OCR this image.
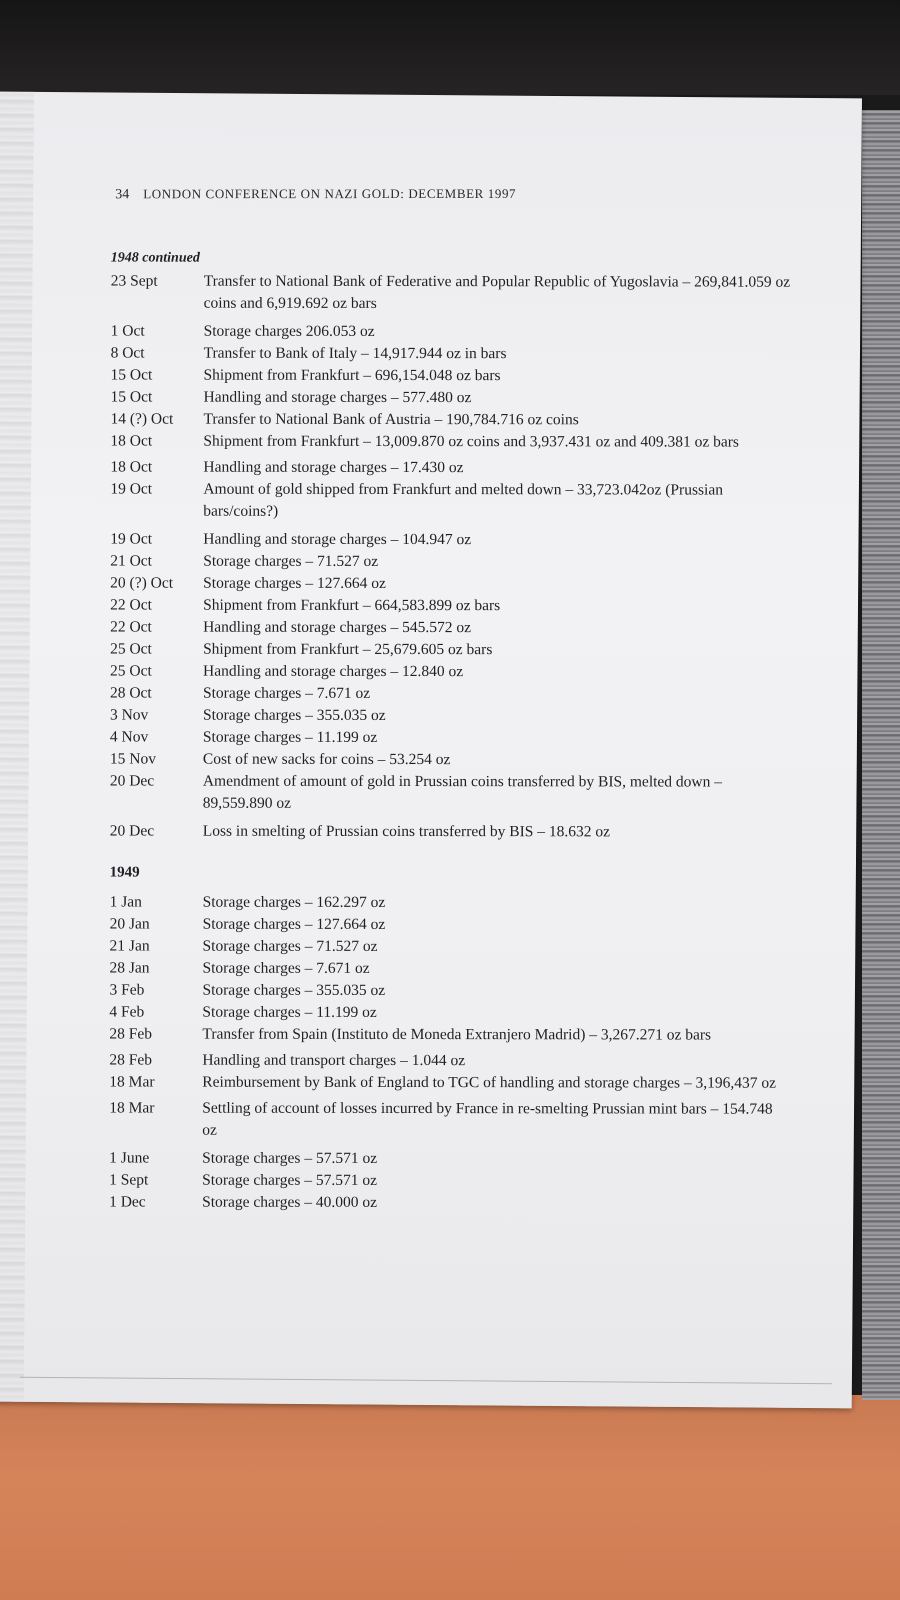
34 LONDON CONFERENCE ON NAZI GOLD: DECEMBER 1997
1948 continued
23 Sept	Transfer to National Bank of Federative and Popular Republic of Yugoslavia – 269,841.059 oz coins and 6,919.692 oz bars
1 Oct	Storage charges 206.053 oz
8 Oct	Transfer to Bank of Italy – 14,917.944 oz in bars
15 Oct	Shipment from Frankfurt – 696,154.048 oz bars
15 Oct	Handling and storage charges – 577.480 oz
14 (?) Oct	Transfer to National Bank of Austria – 190,784.716 oz coins
18 Oct	Shipment from Frankfurt – 13,009.870 oz coins and 3,937.431 oz and 409.381 oz bars
18 Oct	Handling and storage charges – 17.430 oz
19 Oct	Amount of gold shipped from Frankfurt and melted down – 33,723.042oz (Prussian bars/coins?)
19 Oct	Handling and storage charges – 104.947 oz
21 Oct	Storage charges – 71.527 oz
20 (?) Oct	Storage charges – 127.664 oz
22 Oct	Shipment from Frankfurt – 664,583.899 oz bars
22 Oct	Handling and storage charges – 545.572 oz
25 Oct	Shipment from Frankfurt – 25,679.605 oz bars
25 Oct	Handling and storage charges – 12.840 oz
28 Oct	Storage charges – 7.671 oz
3 Nov	Storage charges – 355.035 oz
4 Nov	Storage charges – 11.199 oz
15 Nov	Cost of new sacks for coins – 53.254 oz
20 Dec	Amendment of amount of gold in Prussian coins transferred by BIS, melted down – 89,559.890 oz
20 Dec	Loss in smelting of Prussian coins transferred by BIS – 18.632 oz
1949
1 Jan	Storage charges – 162.297 oz
20 Jan	Storage charges – 127.664 oz
21 Jan	Storage charges – 71.527 oz
28 Jan	Storage charges – 7.671 oz
3 Feb	Storage charges – 355.035 oz
4 Feb	Storage charges – 11.199 oz
28 Feb	Transfer from Spain (Instituto de Moneda Extranjero Madrid) – 3,267.271 oz bars
28 Feb	Handling and transport charges – 1.044 oz
18 Mar	Reimbursement by Bank of England to TGC of handling and storage charges – 3,196,437 oz
18 Mar	Settling of account of losses incurred by France in re-smelting Prussian mint bars – 154.748 oz
1 June	Storage charges – 57.571 oz
1 Sept	Storage charges – 57.571 oz
1 Dec	Storage charges – 40.000 oz
